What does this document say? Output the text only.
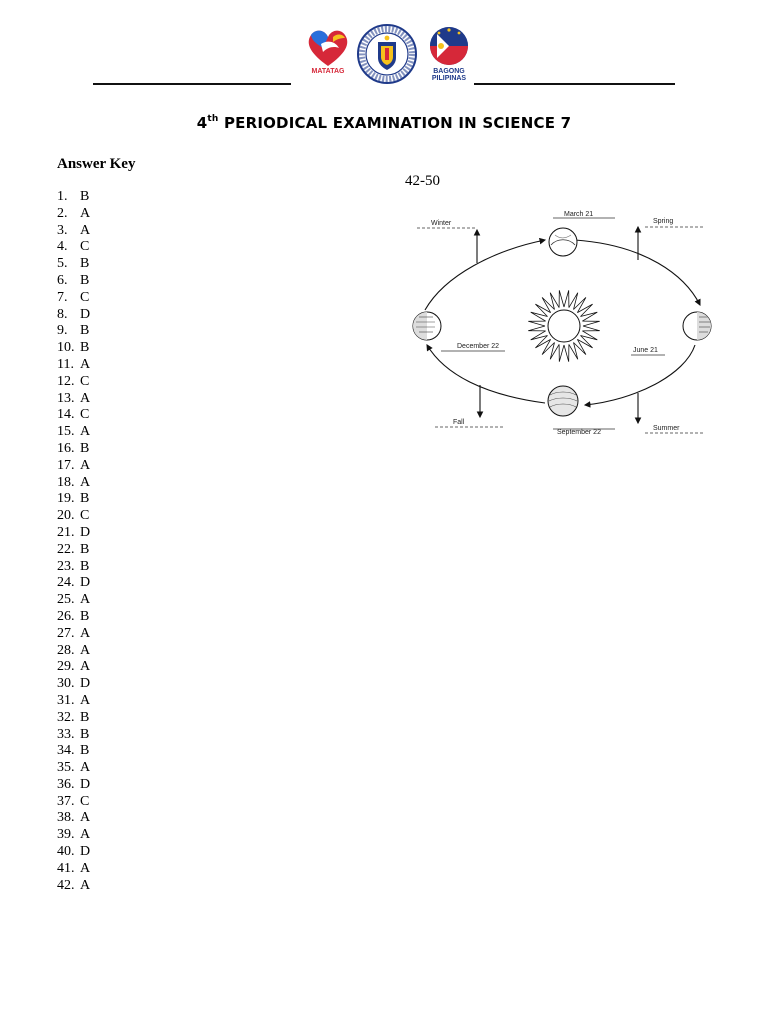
MATATAG	BAGONG PILIPINAS
4th PERIODICAL EXAMINATION IN SCIENCE 7
Answer Key
1. B
2. A
3. A
4. C
5. B
6. B
7. C
8. D
9. B
10. B
11. A
12. C
13. A
14. C
15. A
16. B
17. A
18. A
19. B
20. C
21. D
22. B
23. B
24. D
25. A
26. B
27. A
28. A
29. A
30. D
31. A
32. B
33. B
34. B
35. A
36. D
37. C
38. A
39. A
40. D
41. A
42. A
42-50
Winter
March 21
Spring
December 22
June 21
Fall
September 22
Summer
